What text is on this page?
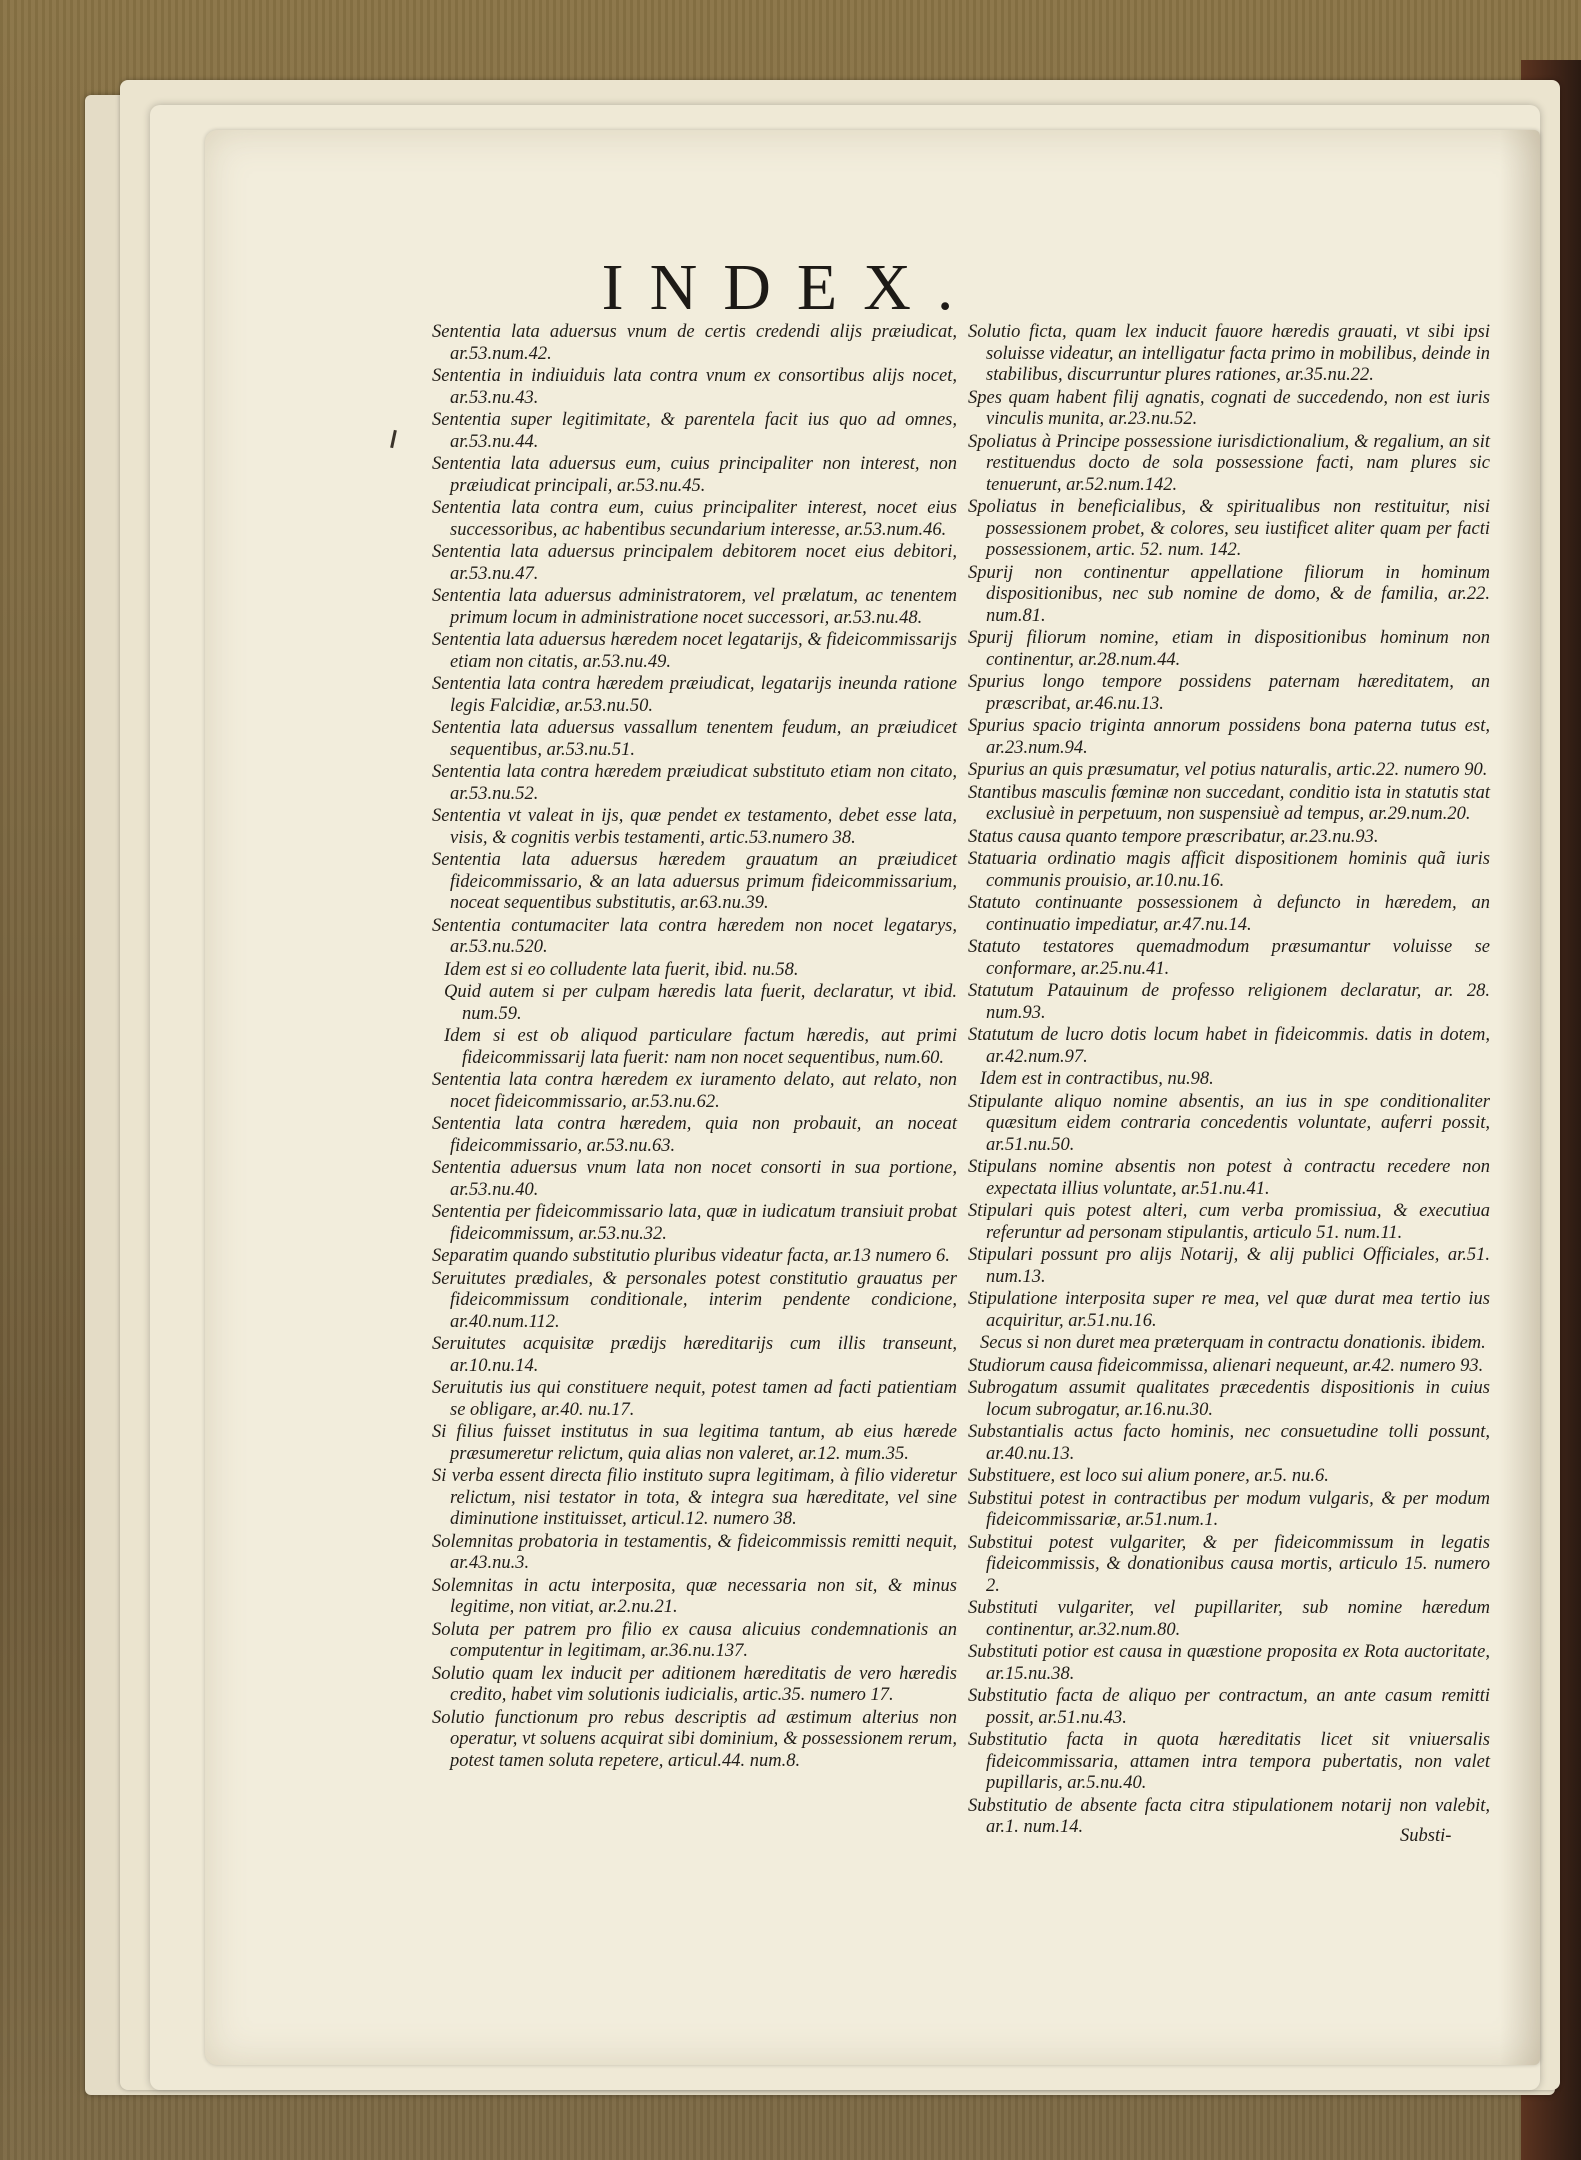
INDEX.
Sententia lata aduersus vnum de certis credendi alijs præiudicat, ar.53.num.42.
Sententia in indiuiduis lata contra vnum ex consortibus alijs nocet, ar.53.nu.43.
Sententia super legitimitate, & parentela facit ius quo ad omnes, ar.53.nu.44.
Sententia lata aduersus eum, cuius principaliter non interest, non præiudicat principali, ar.53.nu.45.
Sententia lata contra eum, cuius principaliter interest, nocet eius successoribus, ac habentibus secundarium interesse, ar.53.num.46.
Sententia lata aduersus principalem debitorem nocet eius debitori, ar.53.nu.47.
Sententia lata aduersus administratorem, vel prælatum, ac tenentem primum locum in administratione nocet successori, ar.53.nu.48.
Sententia lata aduersus hæredem nocet legatarijs, & fideicommissarijs etiam non citatis, ar.53.nu.49.
Sententia lata contra hæredem præiudicat, legatarijs ineunda ratione legis Falcidiæ, ar.53.nu.50.
Sententia lata aduersus vassallum tenentem feudum, an præiudicet sequentibus, ar.53.nu.51.
Sententia lata contra hæredem præiudicat substituto etiam non citato, ar.53.nu.52.
Sententia vt valeat in ijs, quæ pendet ex testamento, debet esse lata, visis, & cognitis verbis testamenti, artic.53.numero 38.
Sententia lata aduersus hæredem grauatum an præiudicet fideicommissario, & an lata aduersus primum fideicommissarium, noceat sequentibus substitutis, ar.63.nu.39.
Sententia contumaciter lata contra hæredem non nocet legatarys, ar.53.nu.520.
Idem est si eo colludente lata fuerit, ibid. nu.58.
Quid autem si per culpam hæredis lata fuerit, declaratur, vt ibid. num.59.
Idem si est ob aliquod particulare factum hæredis, aut primi fideicommissarij lata fuerit: nam non nocet sequentibus, num.60.
Sententia lata contra hæredem ex iuramento delato, aut relato, non nocet fideicommissario, ar.53.nu.62.
Sententia lata contra hæredem, quia non probauit, an noceat fideicommissario, ar.53.nu.63.
Sententia aduersus vnum lata non nocet consorti in sua portione, ar.53.nu.40.
Sententia per fideicommissario lata, quæ in iudicatum transiuit probat fideicommissum, ar.53.nu.32.
Separatim quando substitutio pluribus videatur facta, ar.13 numero 6.
Seruitutes prædiales, & personales potest constitutio grauatus per fideicommissum conditionale, interim pendente condicione, ar.40.num.112.
Seruitutes acquisitæ prædijs hæreditarijs cum illis transeunt, ar.10.nu.14.
Seruitutis ius qui constituere nequit, potest tamen ad facti patientiam se obligare, ar.40. nu.17.
Si filius fuisset institutus in sua legitima tantum, ab eius hærede præsumeretur relictum, quia alias non valeret, ar.12. mum.35.
Si verba essent directa filio instituto supra legitimam, à filio videretur relictum, nisi testator in tota, & integra sua hæreditate, vel sine diminutione instituisset, articul.12. numero 38.
Solemnitas probatoria in testamentis, & fideicommissis remitti nequit, ar.43.nu.3.
Solemnitas in actu interposita, quæ necessaria non sit, & minus legitime, non vitiat, ar.2.nu.21.
Soluta per patrem pro filio ex causa alicuius condemnationis an computentur in legitimam, ar.36.nu.137.
Solutio quam lex inducit per aditionem hæreditatis de vero hæredis credito, habet vim solutionis iudicialis, artic.35. numero 17.
Solutio functionum pro rebus descriptis ad æstimum alterius non operatur, vt soluens acquirat sibi dominium, & possessionem rerum, potest tamen soluta repetere, articul.44. num.8.
Solutio ficta, quam lex inducit fauore hæredis grauati, vt sibi ipsi soluisse videatur, an intelligatur facta primo in mobilibus, deinde in stabilibus, discurruntur plures rationes, ar.35.nu.22.
Spes quam habent filij agnatis, cognati de succedendo, non est iuris vinculis munita, ar.23.nu.52.
Spoliatus à Principe possessione iurisdictionalium, & regalium, an sit restituendus docto de sola possessione facti, nam plures sic tenuerunt, ar.52.num.142.
Spoliatus in beneficialibus, & spiritualibus non restituitur, nisi possessionem probet, & colores, seu iustificet aliter quam per facti possessionem, artic. 52. num. 142.
Spurij non continentur appellatione filiorum in hominum dispositionibus, nec sub nomine de domo, & de familia, ar.22. num.81.
Spurij filiorum nomine, etiam in dispositionibus hominum non continentur, ar.28.num.44.
Spurius longo tempore possidens paternam hæreditatem, an præscribat, ar.46.nu.13.
Spurius spacio triginta annorum possidens bona paterna tutus est, ar.23.num.94.
Spurius an quis præsumatur, vel potius naturalis, artic.22. numero 90.
Stantibus masculis fœminæ non succedant, conditio ista in statutis stat exclusiuè in perpetuum, non suspensiuè ad tempus, ar.29.num.20.
Status causa quanto tempore præscribatur, ar.23.nu.93.
Statuaria ordinatio magis afficit dispositionem hominis quã iuris communis prouisio, ar.10.nu.16.
Statuto continuante possessionem à defuncto in hæredem, an continuatio impediatur, ar.47.nu.14.
Statuto testatores quemadmodum præsumantur voluisse se conformare, ar.25.nu.41.
Statutum Patauinum de professo religionem declaratur, ar. 28. num.93.
Statutum de lucro dotis locum habet in fideicommis. datis in dotem, ar.42.num.97.
Idem est in contractibus, nu.98.
Stipulante aliquo nomine absentis, an ius in spe conditionaliter quæsitum eidem contraria concedentis voluntate, auferri possit, ar.51.nu.50.
Stipulans nomine absentis non potest à contractu recedere non expectata illius voluntate, ar.51.nu.41.
Stipulari quis potest alteri, cum verba promissiua, & executiua referuntur ad personam stipulantis, articulo 51. num.11.
Stipulari possunt pro alijs Notarij, & alij publici Officiales, ar.51. num.13.
Stipulatione interposita super re mea, vel quæ durat mea tertio ius acquiritur, ar.51.nu.16.
Secus si non duret mea præterquam in contractu donationis. ibidem.
Studiorum causa fideicommissa, alienari nequeunt, ar.42. numero 93.
Subrogatum assumit qualitates præcedentis dispositionis in cuius locum subrogatur, ar.16.nu.30.
Substantialis actus facto hominis, nec consuetudine tolli possunt, ar.40.nu.13.
Substituere, est loco sui alium ponere, ar.5. nu.6.
Substitui potest in contractibus per modum vulgaris, & per modum fideicommissariæ, ar.51.num.1.
Substitui potest vulgariter, & per fideicommissum in legatis fideicommissis, & donationibus causa mortis, articulo 15. numero 2.
Substituti vulgariter, vel pupillariter, sub nomine hæredum continentur, ar.32.num.80.
Substituti potior est causa in quæstione proposita ex Rota auctoritate, ar.15.nu.38.
Substitutio facta de aliquo per contractum, an ante casum remitti possit, ar.51.nu.43.
Substitutio facta in quota hæreditatis licet sit vniuersalis fideicommissaria, attamen intra tempora pubertatis, non valet pupillaris, ar.5.nu.40.
Substitutio de absente facta citra stipulationem notarij non valebit, ar.1. num.14.	Substi-
